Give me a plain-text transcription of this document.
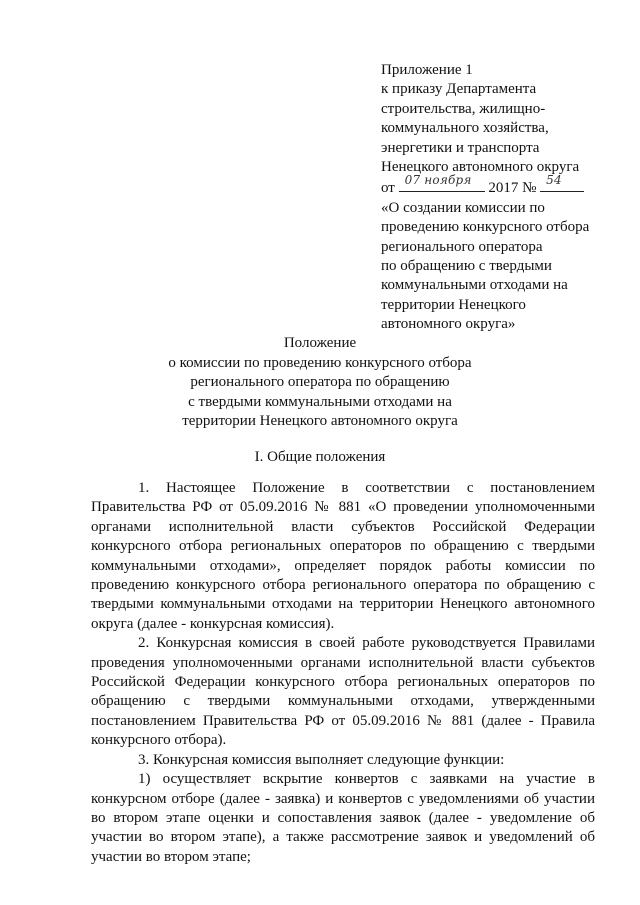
Приложение 1
к приказу Департамента
строительства, жилищно-
коммунального хозяйства,
энергетики и транспорта
Ненецкого автономного округа
от
07 ноября
2017 №
54
«О создании комиссии по
проведению конкурсного отбора
регионального оператора
по обращению с твердыми
коммунальными отходами на
территории Ненецкого
автономного округа»
Положение
о комиссии по проведению конкурсного отбора
регионального оператора по обращению
с твердыми коммунальными отходами на
территории Ненецкого автономного округа
I. Общие положения
1. Настоящее Положение в соответствии с постановлением
Правительства РФ от 05.09.2016 № 881 «О проведении уполномоченными
органами исполнительной власти субъектов Российской Федерации
конкурсного отбора региональных операторов по обращению с твердыми
коммунальными отходами», определяет порядок работы комиссии по
проведению конкурсного отбора регионального оператора по обращению с
твердыми коммунальными отходами на территории Ненецкого автономного
округа (далее - конкурсная комиссия).
2. Конкурсная комиссия в своей работе руководствуется Правилами
проведения уполномоченными органами исполнительной власти субъектов
Российской Федерации конкурсного отбора региональных операторов по
обращению с твердыми коммунальными отходами, утвержденными
постановлением Правительства РФ от 05.09.2016 № 881 (далее - Правила
конкурсного отбора).
3. Конкурсная комиссия выполняет следующие функции:
1) осуществляет вскрытие конвертов с заявками на участие в
конкурсном отборе (далее - заявка) и конвертов с уведомлениями об участии
во втором этапе оценки и сопоставления заявок (далее - уведомление об
участии во втором этапе), а также рассмотрение заявок и уведомлений об
участии во втором этапе;
